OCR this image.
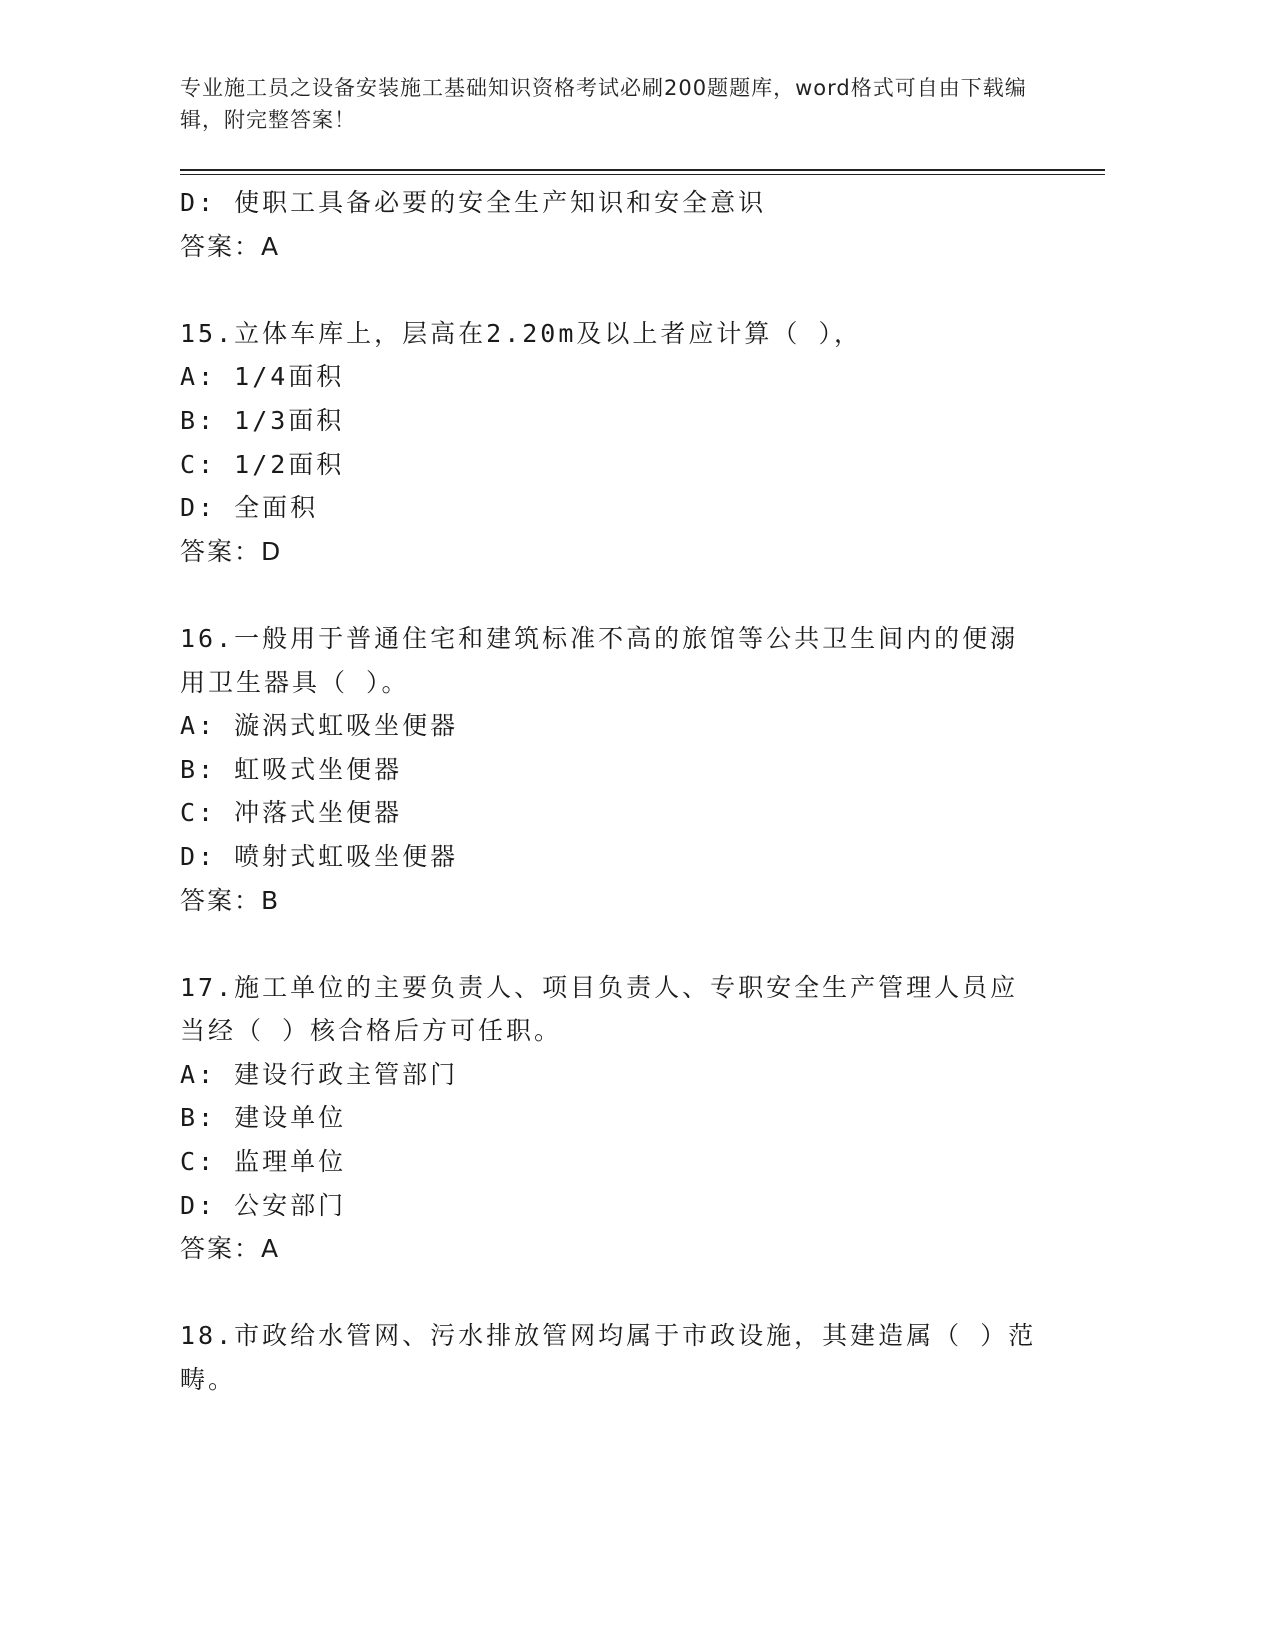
专业施工员之设备安装施工基础知识资格考试必刷200题题库，word格式可自由下载编辑，附完整答案！
D: 使职工具备必要的安全生产知识和安全意识
答案：A
15.立体车库上，层高在2.20m及以上者应计算（ ），
A: 1/4面积
B: 1/3面积
C: 1/2面积
D: 全面积
答案：D
16.一般用于普通住宅和建筑标准不高的旅馆等公共卫生间内的便溺用卫生器具（ ）。
A: 漩涡式虹吸坐便器
B: 虹吸式坐便器
C: 冲落式坐便器
D: 喷射式虹吸坐便器
答案：B
17.施工单位的主要负责人、项目负责人、专职安全生产管理人员应当经（ ）核合格后方可任职。
A: 建设行政主管部门
B: 建设单位
C: 监理单位
D: 公安部门
答案：A
18.市政给水管网、污水排放管网均属于市政设施，其建造属（ ）范畴。
